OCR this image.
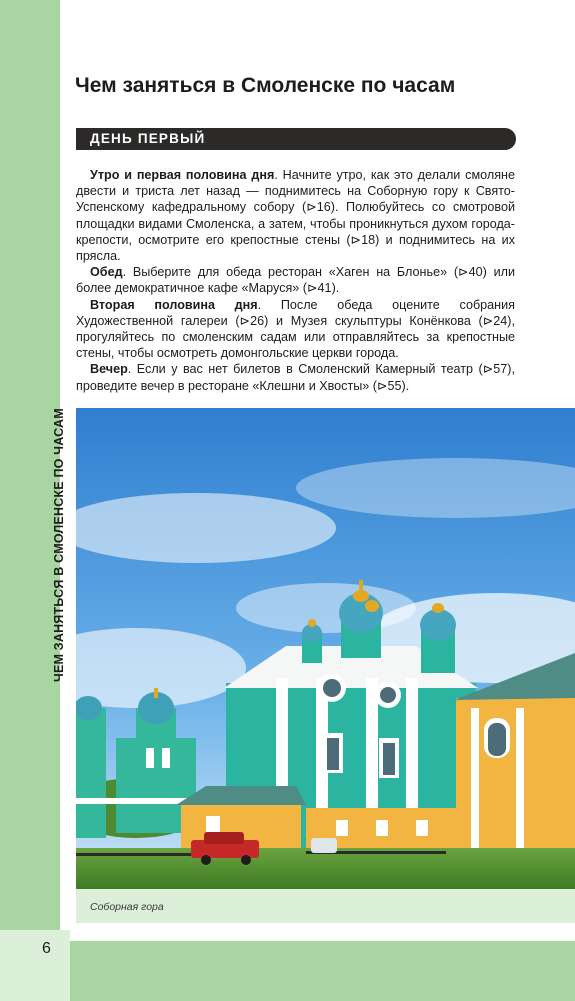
ЧЕМ ЗАНЯТЬСЯ В СМОЛЕНСКЕ ПО ЧАСАМ
Чем заняться в Смоленске по часам
ДЕНЬ ПЕРВЫЙ

Утро и первая половина дня. Начните утро, как это делали смоляне двести и триста лет назад — поднимитесь на Соборную гору к Свято-Успенскому кафедральному собору (⊳16). Полюбуйтесь со смотровой площадки видами Смоленска, а затем, чтобы проникнуться духом города-крепости, осмотрите его крепостные стены (⊳18) и поднимитесь на их прясла.

Обед. Выберите для обеда ресторан «Хаген на Блонье» (⊳40) или более демократичное кафе «Маруся» (⊳41).

Вторая половина дня. После обеда оцените собрания Художественной галереи (⊳26) и Музея скульптуры Конёнкова (⊳24), прогуляйтесь по смоленским садам или отправляйтесь за крепостные стены, чтобы осмотреть домонгольские церкви города.

Вечер. Если у вас нет билетов в Смоленский Камерный театр (⊳57), проведите вечер в ресторане «Клешни и Хвосты» (⊳55).

Соборная гора
6
